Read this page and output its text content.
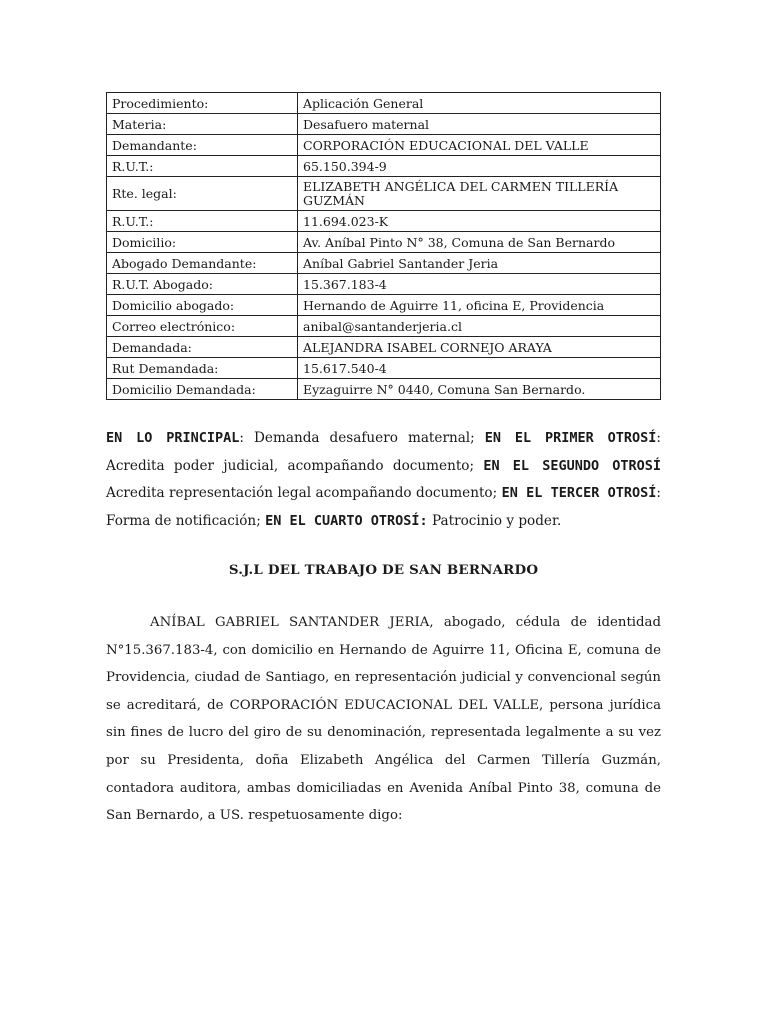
Procedimiento:	Aplicación General
Materia:	Desafuero maternal
Demandante:	CORPORACIÓN EDUCACIONAL DEL VALLE
R.U.T.:	65.150.394-9
Rte. legal:	ELIZABETH ANGÉLICA DEL CARMEN TILLERÍA GUZMÁN
R.U.T.:	11.694.023-K
Domicilio:	Av. Aníbal Pinto N° 38, Comuna de San Bernardo
Abogado Demandante:	Aníbal Gabriel Santander Jeria
R.U.T. Abogado:	15.367.183-4
Domicilio abogado:	Hernando de Aguirre 11, oficina E, Providencia
Correo electrónico:	anibal@santanderjeria.cl
Demandada:	ALEJANDRA ISABEL CORNEJO ARAYA
Rut Demandada:	15.617.540-4
Domicilio Demandada:	Eyzaguirre N° 0440, Comuna San Bernardo.
EN LO PRINCIPAL: Demanda desafuero maternal; EN EL PRIMER OTROSÍ: Acredita poder judicial, acompañando documento; EN EL SEGUNDO OTROSÍ Acredita representación legal acompañando documento; EN EL TERCER OTROSÍ: Forma de notificación; EN EL CUARTO OTROSÍ: Patrocinio y poder.
S.J.L DEL TRABAJO DE SAN BERNARDO
ANÍBAL GABRIEL SANTANDER JERIA, abogado, cédula de identidad N°15.367.183-4, con domicilio en Hernando de Aguirre 11, Oficina E, comuna de Providencia, ciudad de Santiago, en representación judicial y convencional según se acreditará, de CORPORACIÓN EDUCACIONAL DEL VALLE, persona jurídica sin fines de lucro del giro de su denominación, representada legalmente a su vez por su Presidenta, doña Elizabeth Angélica del Carmen Tillería Guzmán, contadora auditora, ambas domiciliadas en Avenida Aníbal Pinto 38, comuna de San Bernardo, a US. respetuosamente digo:
